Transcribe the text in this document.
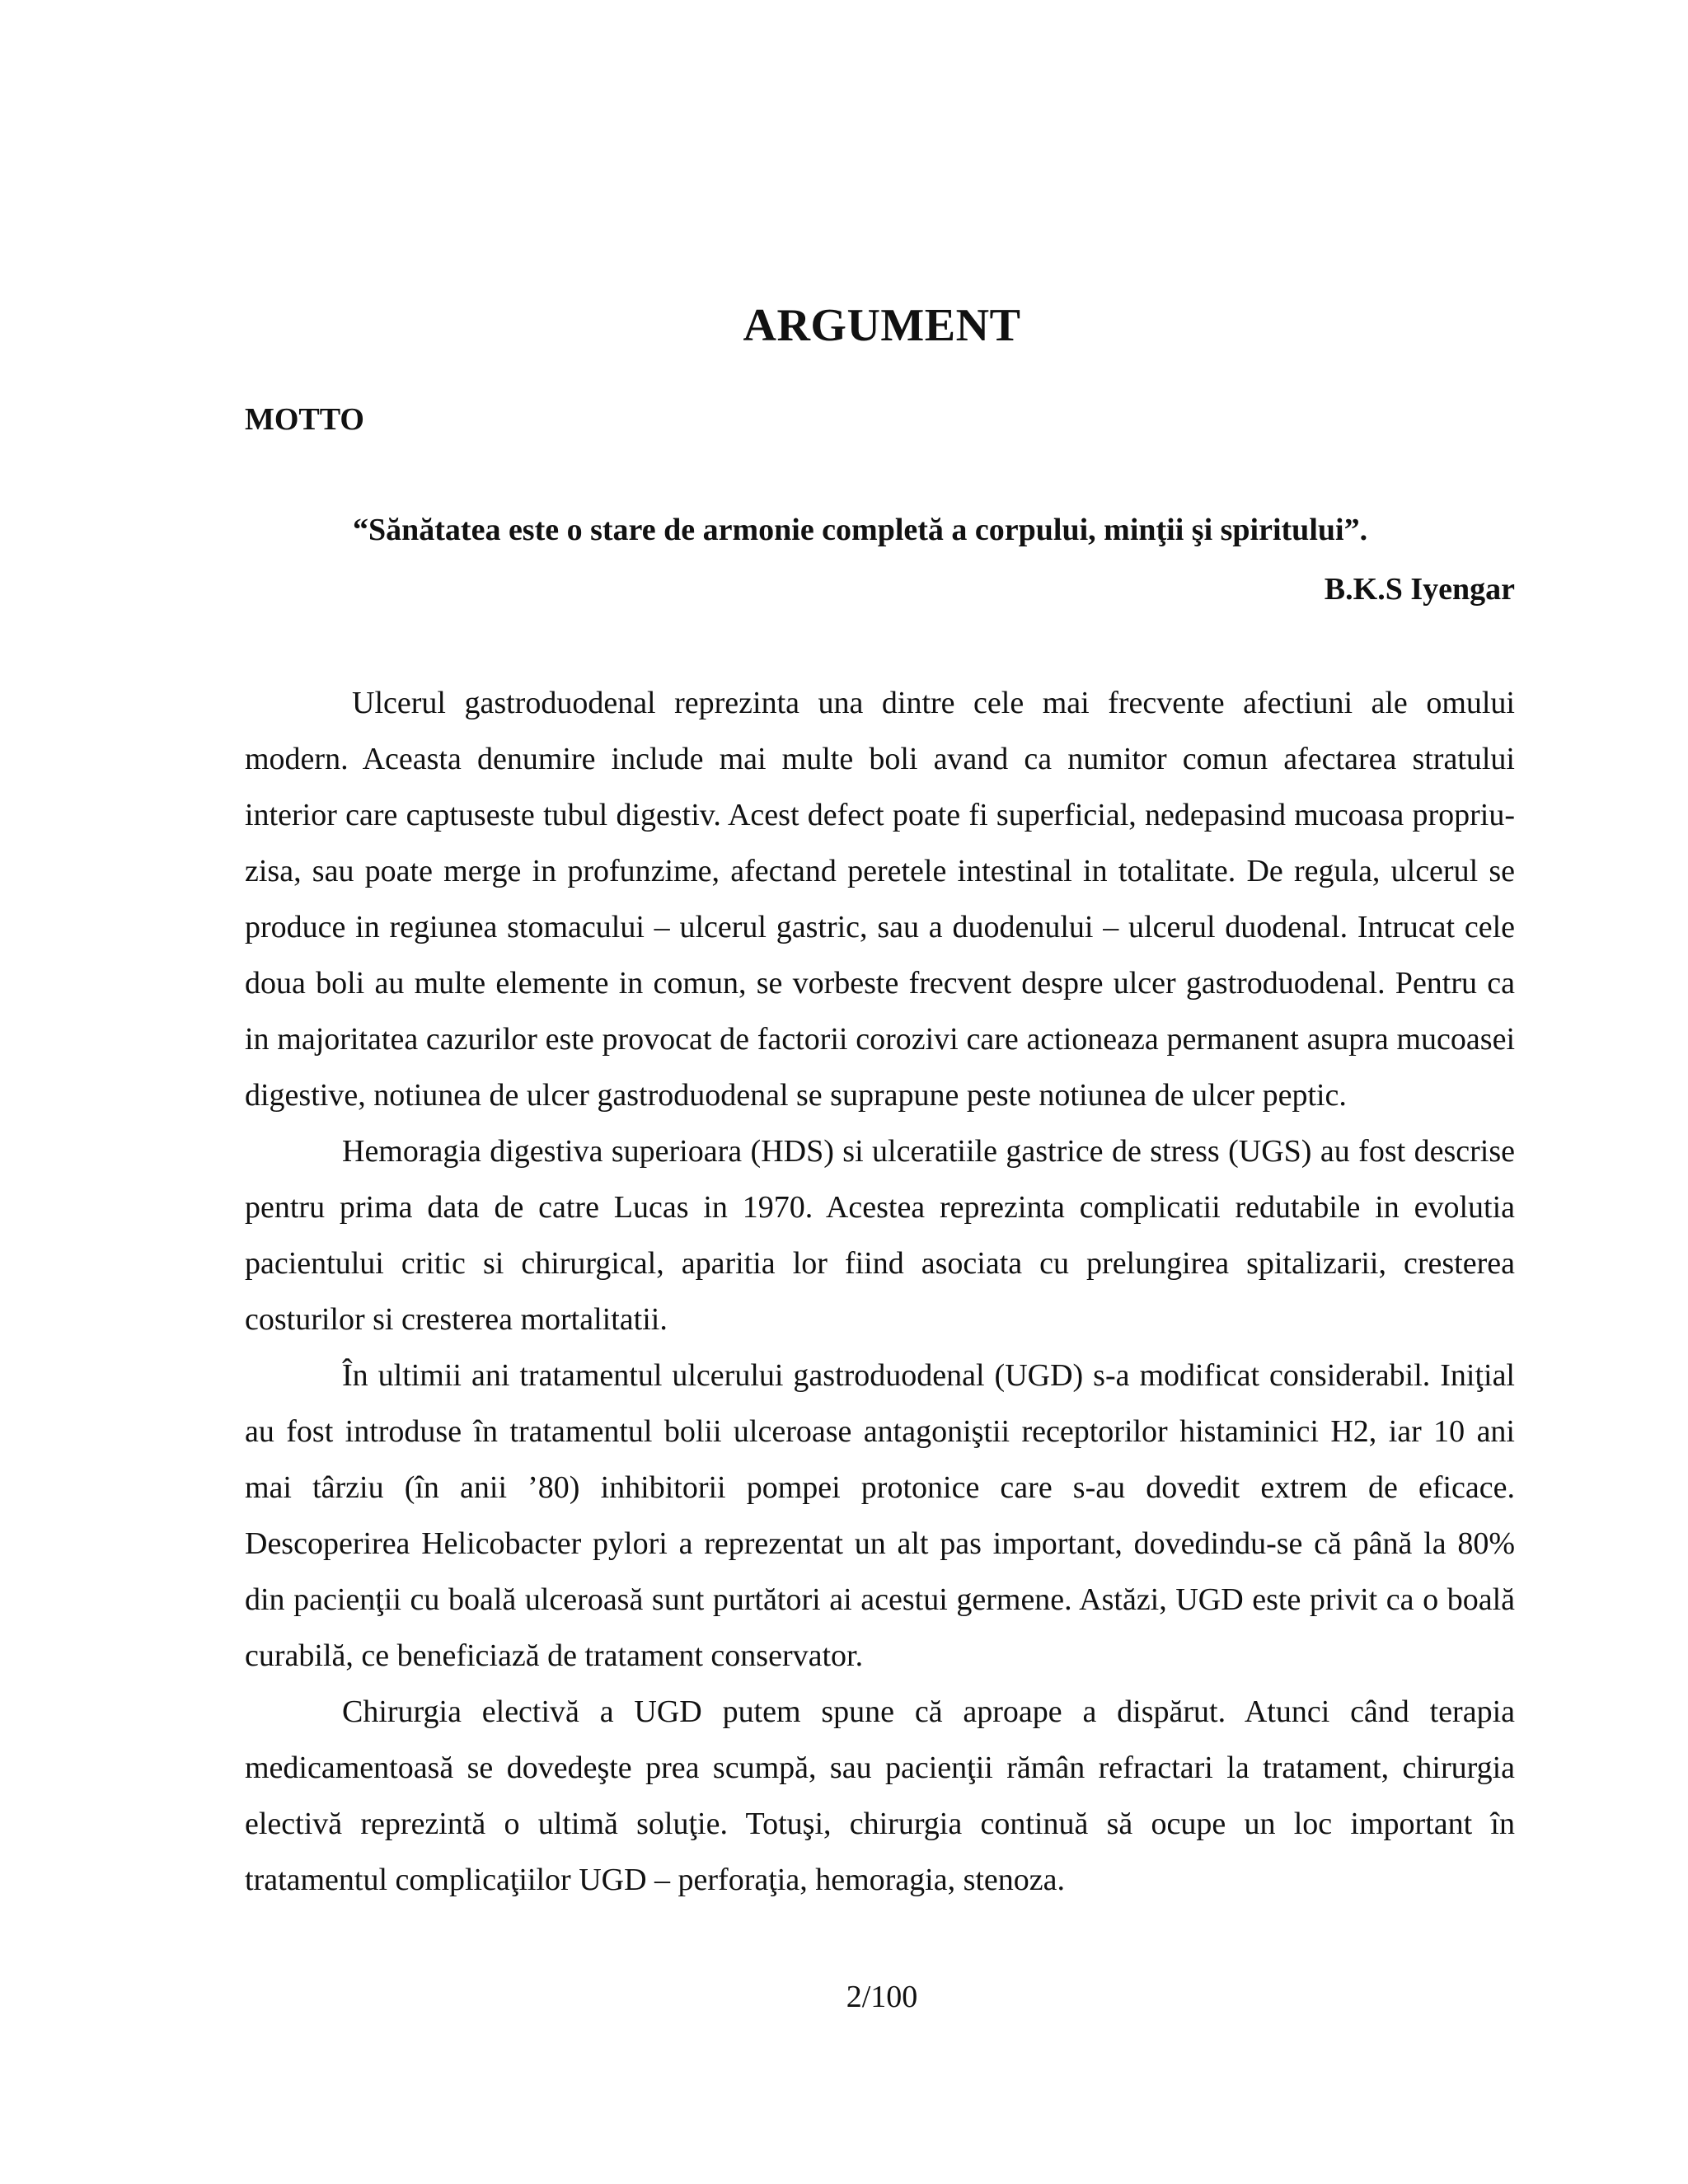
ARGUMENT
MOTTO
“Sănătatea este o stare de armonie completă a corpului, minţii şi spiritului”.
B.K.S Iyengar

Ulcerul gastroduodenal reprezinta una dintre cele mai frecvente afectiuni ale omului modern. Aceasta denumire include mai multe boli avand ca numitor comun afectarea stratului interior care captuseste tubul digestiv. Acest defect poate fi superficial, nedepasind mucoasa propriu-zisa, sau poate merge in profunzime, afectand peretele intestinal in totalitate. De regula, ulcerul se produce in regiunea stomacului – ulcerul gastric, sau a duodenului – ulcerul duodenal. Intrucat cele doua boli au multe elemente in comun, se vorbeste frecvent despre ulcer gastroduodenal. Pentru ca in majoritatea cazurilor este provocat de factorii corozivi care actioneaza permanent asupra mucoasei digestive, notiunea de ulcer gastroduodenal se suprapune peste notiunea de ulcer peptic.

Hemoragia digestiva superioara (HDS) si ulceratiile gastrice de stress (UGS) au fost descrise pentru prima data de catre Lucas in 1970. Acestea reprezinta complicatii redutabile in evolutia pacientului critic si chirurgical, aparitia lor fiind asociata cu prelungirea spitalizarii, cresterea costurilor si cresterea mortalitatii.

În ultimii ani tratamentul ulcerului gastroduodenal (UGD) s-a modificat considerabil. Iniţial au fost introduse în tratamentul bolii ulceroase antagoniştii receptorilor histaminici H2, iar 10 ani mai târziu (în anii ’80) inhibitorii pompei protonice care s-au dovedit extrem de eficace. Descoperirea Helicobacter pylori a reprezentat un alt pas important, dovedindu-se că până la 80% din pacienţii cu boală ulceroasă sunt purtători ai acestui germene. Astăzi, UGD este privit ca o boală curabilă, ce beneficiază de tratament conservator.

Chirurgia electivă a UGD putem spune că aproape a dispărut. Atunci când terapia medicamentoasă se dovedeşte prea scumpă, sau pacienţii rămân refractari la tratament, chirurgia electivă reprezintă o ultimă soluţie. Totuşi, chirurgia continuă să ocupe un loc important în tratamentul complicaţiilor UGD – perforaţia, hemoragia, stenoza.

2/100
